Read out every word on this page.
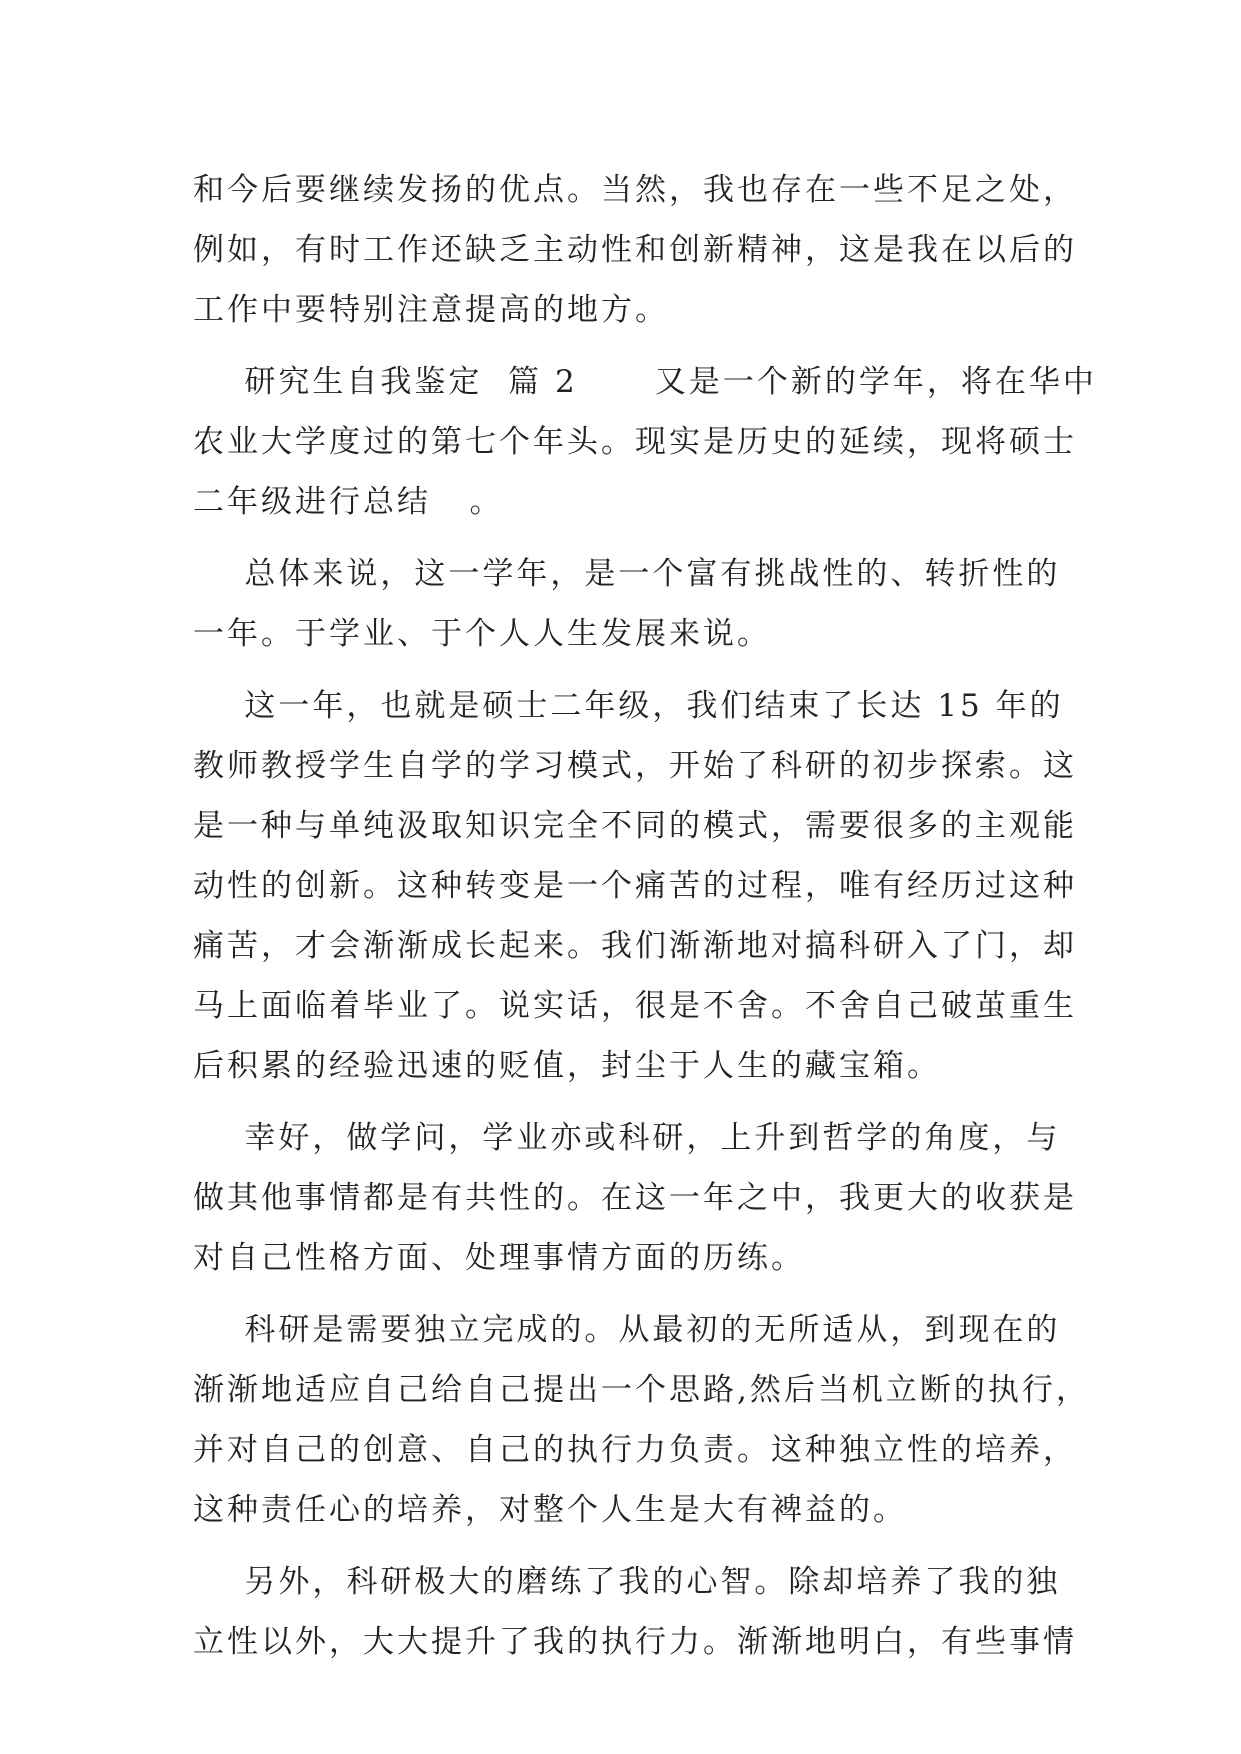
和今后要继续发扬的优点。当然，我也存在一些不足之处，
例如，有时工作还缺乏主动性和创新精神，这是我在以后的
工作中要特别注意提高的地方。
研究生自我鉴定  篇 2      又是一个新的学年，将在华中
农业大学度过的第七个年头。现实是历史的延续，现将硕士
二年级进行总结   。
总体来说，这一学年，是一个富有挑战性的、转折性的
一年。于学业、于个人人生发展来说。
这一年，也就是硕士二年级，我们结束了长达 15 年的
教师教授学生自学的学习模式，开始了科研的初步探索。这
是一种与单纯汲取知识完全不同的模式，需要很多的主观能
动性的创新。这种转变是一个痛苦的过程，唯有经历过这种
痛苦，才会渐渐成长起来。我们渐渐地对搞科研入了门，却
马上面临着毕业了。说实话，很是不舍。不舍自己破茧重生
后积累的经验迅速的贬值，封尘于人生的藏宝箱。
幸好，做学问，学业亦或科研，上升到哲学的角度，与
做其他事情都是有共性的。在这一年之中，我更大的收获是
对自己性格方面、处理事情方面的历练。
科研是需要独立完成的。从最初的无所适从，到现在的
渐渐地适应自己给自己提出一个思路,然后当机立断的执行，
并对自己的创意、自己的执行力负责。这种独立性的培养，
这种责任心的培养，对整个人生是大有裨益的。
另外，科研极大的磨练了我的心智。除却培养了我的独
立性以外，大大提升了我的执行力。渐渐地明白，有些事情
